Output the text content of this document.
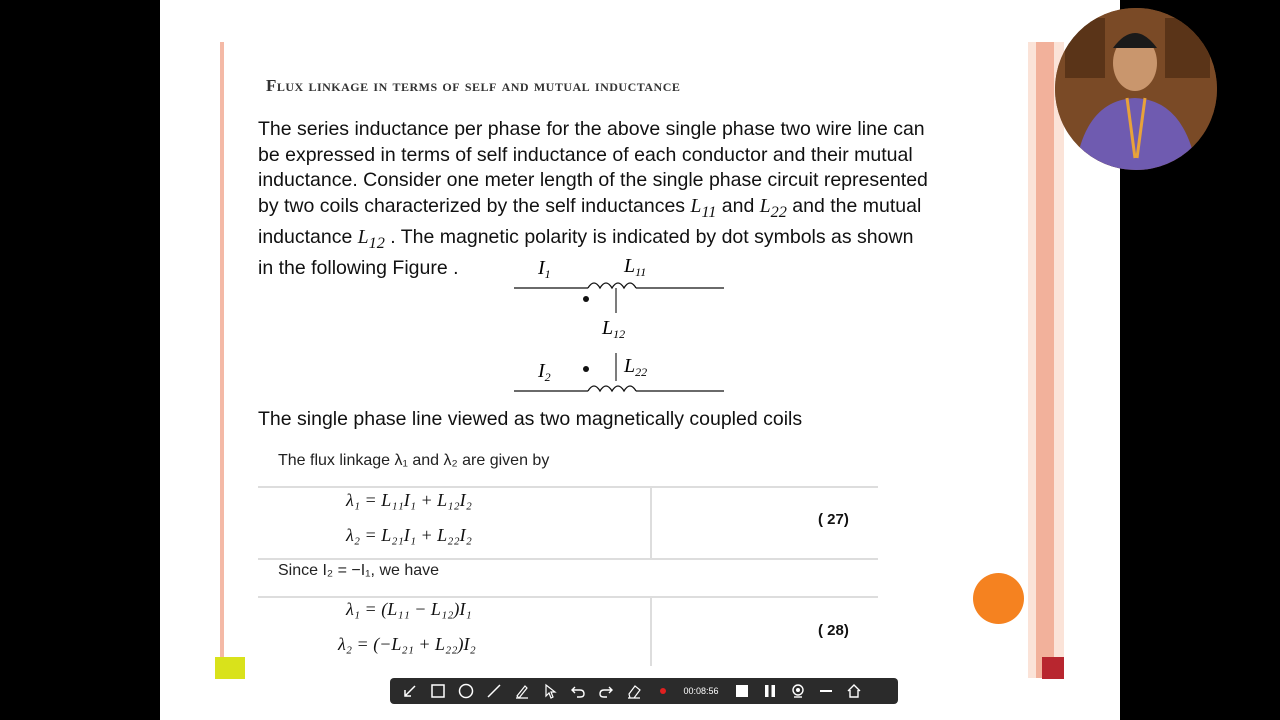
Flux linkage in terms of self and mutual inductance
The series inductance per phase for the above single phase two wire line can
be expressed in terms of self inductance of each conductor and their mutual
inductance. Consider one meter length of the single phase circuit represented
by two coils characterized by the self inductances $L_{11}$ and $L_{22}$ and the mutual
inductance $L_{12}$ . The magnetic polarity is indicated by dot symbols as shown
in the following Figure .	$I_1$	$L_{11}$
$L_{12}$
$I_2$
$L_{22}$
The single phase line viewed as two magnetically coupled coils
The flux linkage λ₁ and λ₂ are given by
λ₁ = L₁₁I₁ + L₁₂I₂
λ₂ = L₂₁I₁ + L₂₂I₂
( 27)
Since I₂ = −I₁, we have
λ₁ = (L₁₁ − L₁₂)I₁
λ₂ = (−L₂₁ + L₂₂)I₂
( 28)
00:08:56
